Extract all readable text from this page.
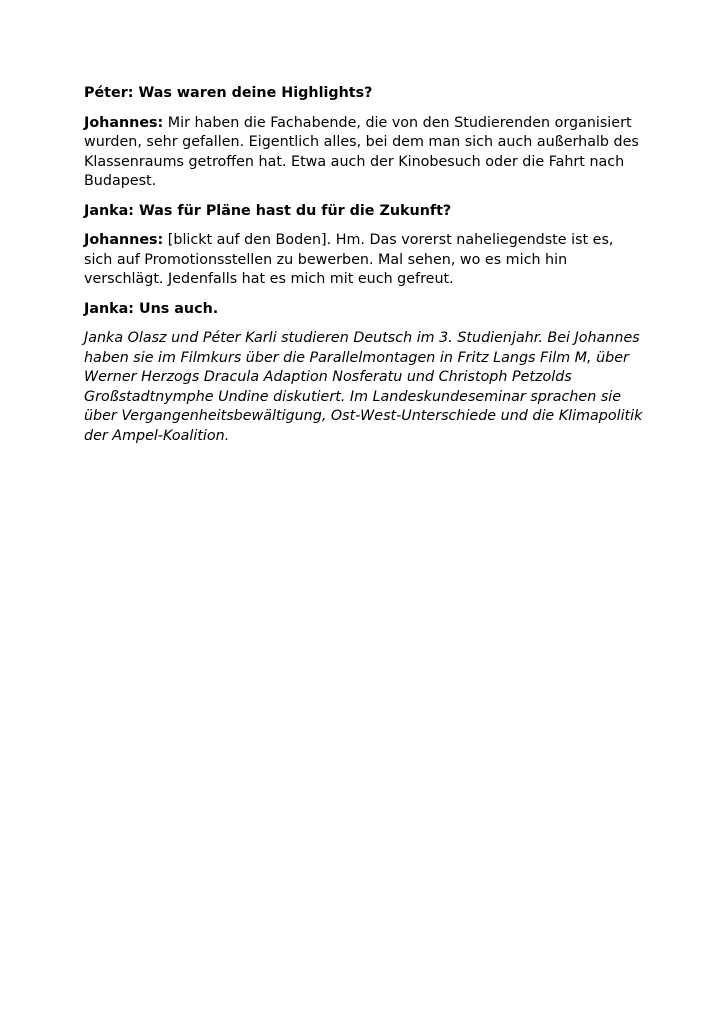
Péter: Was waren deine Highlights?

Johannes: Mir haben die Fachabende, die von den Studierenden organisiert wurden, sehr gefallen. Eigentlich alles, bei dem man sich auch außerhalb des Klassenraums getroffen hat. Etwa auch der Kinobesuch oder die Fahrt nach Budapest.

Janka: Was für Pläne hast du für die Zukunft?

Johannes: [blickt auf den Boden]. Hm. Das vorerst naheliegendste ist es, sich auf Promotionsstellen zu bewerben. Mal sehen, wo es mich hin verschlägt. Jedenfalls hat es mich mit euch gefreut.

Janka: Uns auch.

Janka Olasz und Péter Karli studieren Deutsch im 3. Studienjahr. Bei Johannes haben sie im Filmkurs über die Parallelmontagen in Fritz Langs Film M, über Werner Herzogs Dracula Adaption Nosferatu und Christoph Petzolds Großstadtnymphe Undine diskutiert. Im Landeskundeseminar sprachen sie über Vergangenheitsbewältigung, Ost-West-Unterschiede und die Klimapolitik der Ampel-Koalition.
